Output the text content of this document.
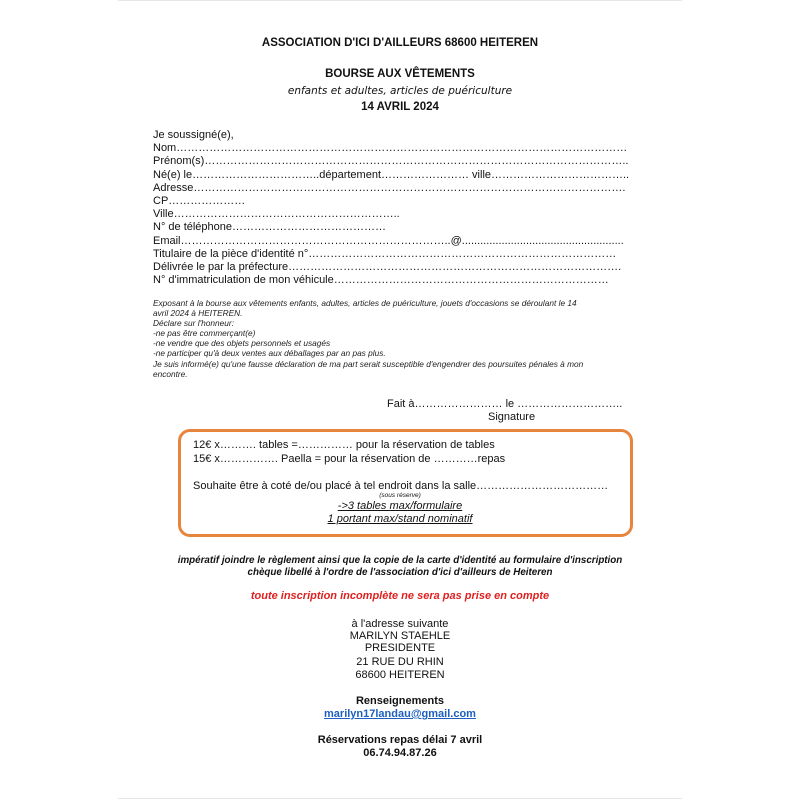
ASSOCIATION D'ICI D'AILLEURS 68600 HEITEREN
BOURSE AUX VÊTEMENTS
enfants et adultes, articles de puériculture
14 AVRIL 2024
Je soussigné(e),
Nom……………………………………………………………………………………………………………
Prénom(s)……………………………………………………………………………………………………..
Né(e) le……………………………..département…………………… ville………………………………..
Adresse……………………………………………………………………………………………………….
CP…………………
Ville……………………………………………………..
N° de téléphone……………………………………
Email………………………………………………………………..@.....................................................
Titulaire de la pièce d'identité n°…………………………………………………………………………
Délivrée le par la préfecture……………………………………………………………………………….
N° d'immatriculation de mon véhicule…………………………………………………………………
Exposant à la bourse aux vêtements enfants, adultes, articles de puériculture, jouets d'occasions se déroulant le 14
avril 2024 à HEITEREN.
Déclare sur l'honneur:
-ne pas être commerçant(e)
-ne vendre que des objets personnels et usagés
-ne participer qu'à deux ventes aux déballages par an pas plus.
Je suis informé(e) qu'une fausse déclaration de ma part serait susceptible d'engendrer des poursuites pénales à mon
encontre.
Fait à…………………… le ………………………..
Signature
12€ x………. tables =…………… pour la réservation de tables
15€ x……………. Paella = pour la réservation de …………repas
Souhaite être à coté de/ou placé à tel endroit dans la salle………………………………
(sous réserve)
->3 tables max/formulaire
1 portant max/stand nominatif
impératif joindre le règlement ainsi que la copie de la carte d'identité au formulaire d'inscription
chèque libellé à l'ordre de l'association d'ici d'ailleurs de Heiteren
toute inscription incomplète ne sera pas prise en compte
à l'adresse suivante
MARILYN STAEHLE
PRESIDENTE
21 RUE DU RHIN
68600 HEITEREN
Renseignements
marilyn17landau@gmail.com
Réservations repas délai 7 avril
06.74.94.87.26
